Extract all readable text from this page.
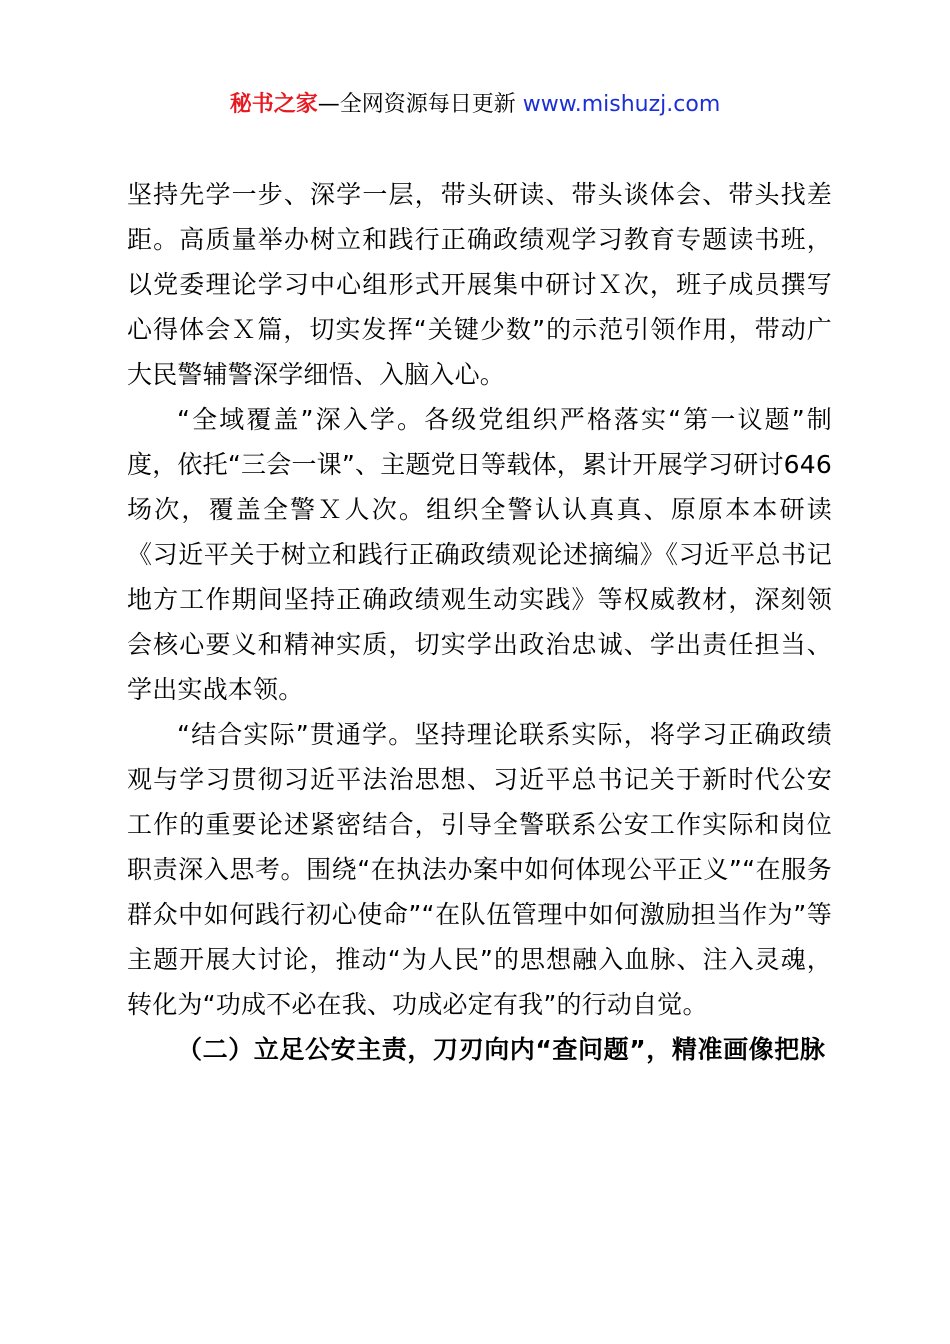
秘书之家—全网资源每日更新 www.mishuzj.com

坚持先学一步、深学一层，带头研读、带头谈体会、带头找差距。高质量举办树立和践行正确政绩观学习教育专题读书班，以党委理论学习中心组形式开展集中研讨Ｘ次，班子成员撰写心得体会Ｘ篇，切实发挥“关键少数”的示范引领作用，带动广大民警辅警深学细悟、入脑入心。

“全域覆盖”深入学。各级党组织严格落实“第一议题”制度，依托“三会一课”、主题党日等载体，累计开展学习研讨646场次，覆盖全警Ｘ人次。组织全警认认真真、原原本本研读《习近平关于树立和践行正确政绩观论述摘编》《习近平总书记地方工作期间坚持正确政绩观生动实践》等权威教材，深刻领会核心要义和精神实质，切实学出政治忠诚、学出责任担当、学出实战本领。

“结合实际”贯通学。坚持理论联系实际，将学习正确政绩观与学习贯彻习近平法治思想、习近平总书记关于新时代公安工作的重要论述紧密结合，引导全警联系公安工作实际和岗位职责深入思考。围绕“在执法办案中如何体现公平正义”“在服务群众中如何践行初心使命”“在队伍管理中如何激励担当作为”等主题开展大讨论，推动“为人民”的思想融入血脉、注入灵魂，转化为“功成不必在我、功成必定有我”的行动自觉。

（二）立足公安主责，刀刃向内“查问题”，精准画像把脉
